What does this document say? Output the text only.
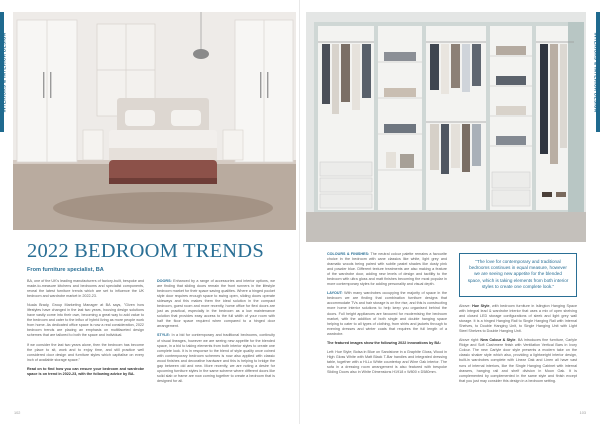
INTERIORS & INTERIOR DESIGN
2022 BEDROOM TRENDS
From furniture specialist, BA

BA, one of the UK's leading manufacturers of factory-built, bespoke and made-to-measure kitchens and bedrooms and specialist components, reveal the latest furniture trends which are set to influence the UK bedroom and wardrobe market in 2022-23.

Nuala Brady, Group Marketing Manager at BA says, "Given how lifestyles have changed in the last two years, housing design solutions have vastly come into their own, becoming a great way to add value to the bedroom and cater to the influx of hybrid living as more people work from home. As dedicated office space is now a real consideration, 2022 bedroom trends are placing an emphasis on multifaceted design schemes that are tailored to both the space and individual.

If we consider the last two years alone, then the bedroom has become the place to sit, work and to enjoy time, and still practice well considered door design and furniture styles which capitalise on every inch of available storage space."

Read on to find how you can ensure your bedroom and wardrobe space is on trend in 2022-23, with the following advice by BA.

DOORS: Enhanced by a range of accessories and interior options, we are finding that sliding doors remain the front runners in the lifestyle bedroom market for their space saving qualities. Where a hinged pocket style door requires enough space to swing open, sliding doors operate sideways and this makes them the ideal solution in the compact bedroom, guest room and more recently, home office for flexi doors are just as practical, especially in the bedroom as a low maintenance solution that provides easy access to the full width of your room with half the floor space required when compared to a hinged door arrangement.

STYLE: In a bid for contemporary and traditional bedrooms, continuity of visual lineages, however we are seeing new appetite for the blended space, in a bid to taking elements from both interior styles to create one complete look. It is in response to the blend of style quality once coined with contemporary bedroom schemes is now also applied with classic wood finishes and decorative hardware and this is helping to bridge the gap between old and new. More recently, we are noting a desire for upcoming furniture styles in the same scheme where different doors like solid slab or frame are now coming together to create a bedroom that is designed for all.

102
INTERIORS & INTERIOR DESIGN

COLOURS & FINISHES: The neutral colour palette remains a favourite choice in the bedroom with cane classics like white, light grey and dramatic woods being paired with subtle pastel shades like dusty pink and powder blue. Different texture treatments are also making a feature of the wardrobe door, adding new levels of design and tactility to the bedroom with ultra gloss and matt finishes becoming the most popular in more contemporary styles for adding personality and visual depth.

LAYOUT: With many wardrobes occupying the majority of space in the bedroom we are finding that combination furniture designs that accommodate TVs and hair storage is on the rise, and this is constructing more home interior solutions to help keep you organised behind the doors. Full height appliances are favoured for modernising the bedroom market, with the addition of both single and double hanging space helping to cater to all types of clothing, from shirts and jackets through to evening dresses and winter coats that requires the full length of a wardrobe.

The featured images show the following 2022 innovations by BA:

Left: Hue Style; Bolsa in Blue on Sandstone in a Graphite Gloss, Wood in High Gloss White with Matt Black T-Bar handles and integrated dressing table, together with a Hi-Lo White countertop and Wine Oak interior. The sofa in a dressing room arrangement is also featured with bespoke Sliding Doors also in White Dimensions H1918 x W800 x D580mm.

"The love for contemporary and traditional bedrooms continues in equal measure, however we are seeing new appetite for the blended space, which is taking elements from both interior styles to create one complete look."

Above: Hue Style, with bedroom furniture in Islington Hanging Space with Integral lead & wardrobe interior that uses a mix of open shelving and closed LED storage configurations of sleek and light grey wall storage. It is a hinged Hanging Rail to Single Hanging Rail with Internal Shelves, to Double Hanging Unit, to Single Hanging Unit with Light Steel Shelves to Double Hanging Unit.

Above right: New Colour & Style. BA introduces fine furniture, Carlyle Ridge and Soft Cashmere finish with Ventilation Vertical Bars in Ivory Colour. The new Carlyle door style presents a modern take on the classic shaker style which also, providing a lightweight interior design, built-in wardrobes complete with Linear Oak and Linen all have vast runs of internal interiors, like the Single Hanging Cabinet with internal drawers, hanging rail and shelf division in Moon Oak. It is complemented by complemented in the same style and finish except that you just may consider this design in a bedroom setting.

103
